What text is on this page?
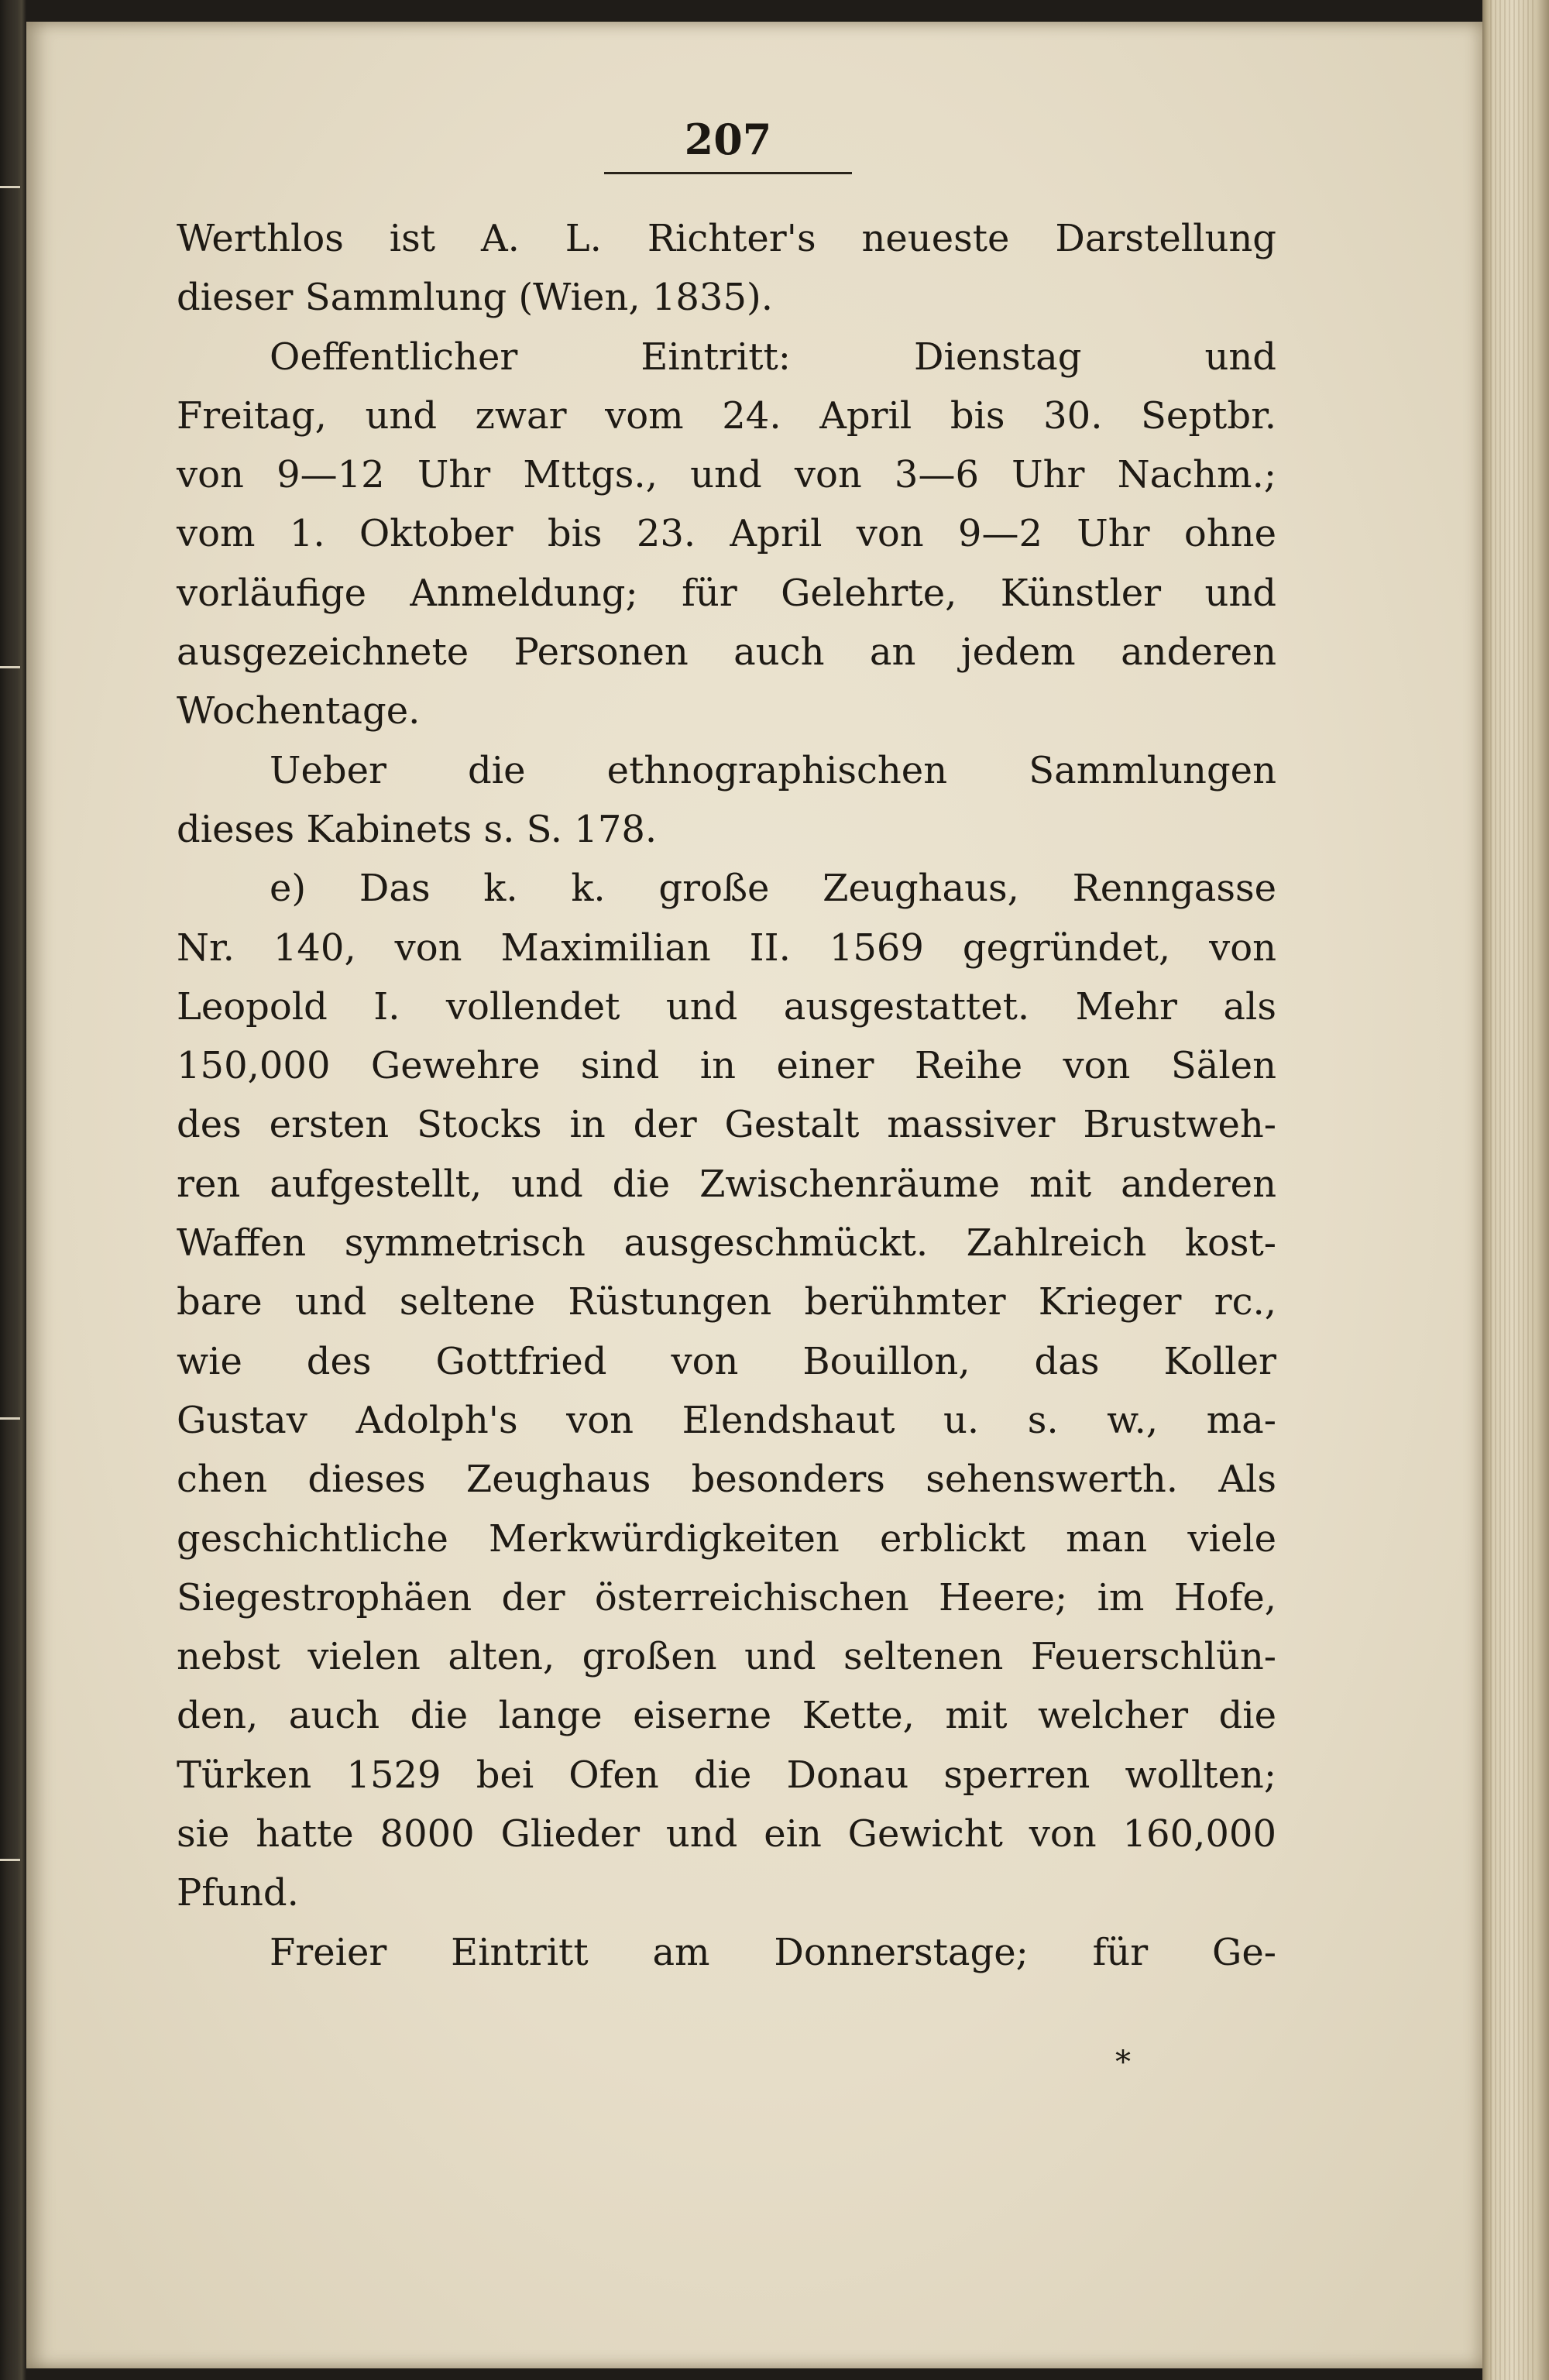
207
Werthlos ist A. L. Richter's neueste Darstellung
dieser Sammlung (Wien, 1835).
Oeffentlicher Eintritt: Dienstag und
Freitag, und zwar vom 24. April bis 30. Septbr.
von 9—12 Uhr Mttgs., und von 3—6 Uhr Nachm.;
vom 1. Oktober bis 23. April von 9—2 Uhr ohne
vorläufige Anmeldung; für Gelehrte, Künstler und
ausgezeichnete Personen auch an jedem anderen
Wochentage.
Ueber die ethnographischen Sammlungen
dieses Kabinets s. S. 178.
e) Das k. k. große Zeughaus, Renngasse
Nr. 140, von Maximilian II. 1569 gegründet, von
Leopold I. vollendet und ausgestattet. Mehr als
150,000 Gewehre sind in einer Reihe von Sälen
des ersten Stocks in der Gestalt massiver Brustweh-
ren aufgestellt, und die Zwischenräume mit anderen
Waffen symmetrisch ausgeschmückt. Zahlreich kost-
bare und seltene Rüstungen berühmter Krieger rc.,
wie des Gottfried von Bouillon, das Koller
Gustav Adolph's von Elendshaut u. s. w., ma-
chen dieses Zeughaus besonders sehenswerth. Als
geschichtliche Merkwürdigkeiten erblickt man viele
Siegestrophäen der österreichischen Heere; im Hofe,
nebst vielen alten, großen und seltenen Feuerschlün-
den, auch die lange eiserne Kette, mit welcher die
Türken 1529 bei Ofen die Donau sperren wollten;
sie hatte 8000 Glieder und ein Gewicht von 160,000
Pfund.
Freier Eintritt am Donnerstage; für Ge-
*
